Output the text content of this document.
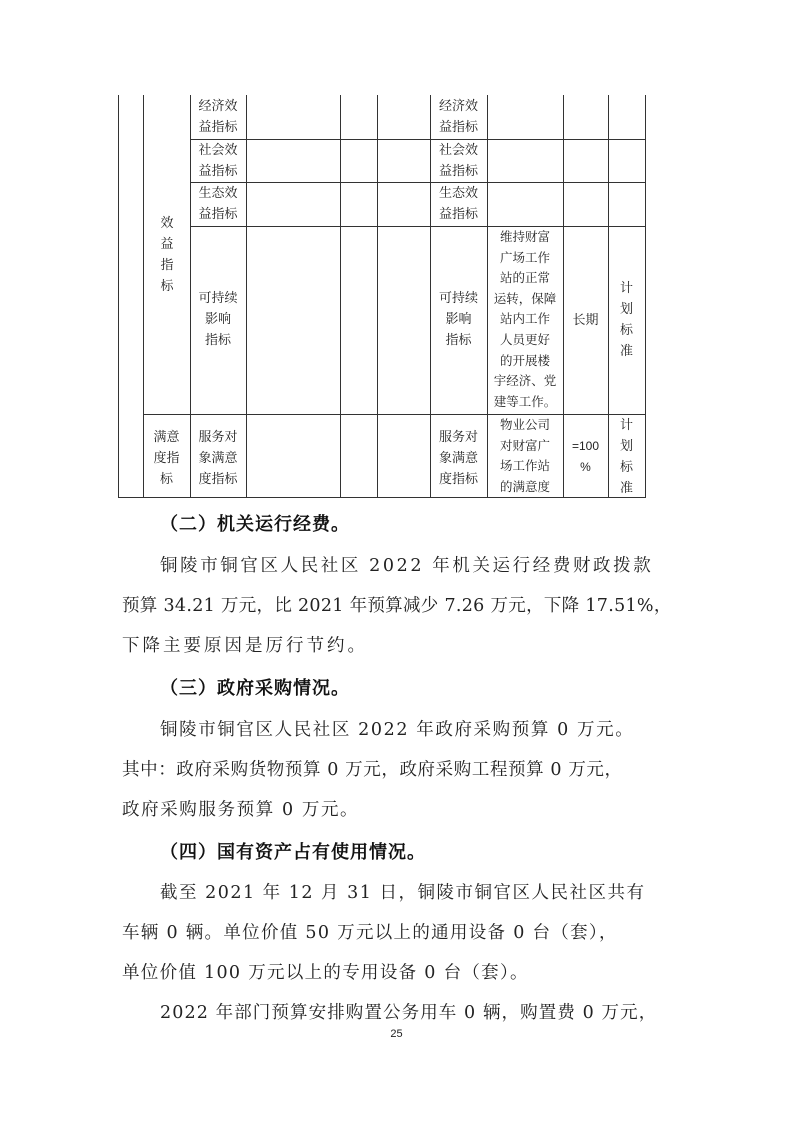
效
益
指
标
经济效
益指标
经济效
益指标
社会效
益指标
社会效
益指标
生态效
益指标
生态效
益指标
可持续
影响
指标
可持续
影响
指标
维持财富
广场工作
站的正常
运转，保障
站内工作
人员更好
的开展楼
宇经济、党
建等工作。
长期
计
划
标
准
满意
度指
标
服务对
象满意
度指标
服务对
象满意
度指标
物业公司
对财富广
场工作站
的满意度
=100
%
计
划
标
准
（二）机关运行经费。
铜陵市铜官区人民社区 2022 年机关运行经费财政拨款
预算 34.21 万元，比 2021 年预算减少 7.26 万元，下降 17.51%，
下降主要原因是厉行节约。
（三）政府采购情况。
铜陵市铜官区人民社区 2022 年政府采购预算 0 万元。
其中：政府采购货物预算 0 万元，政府采购工程预算 0 万元，
政府采购服务预算 0 万元。
（四）国有资产占有使用情况。
截至 2021 年 12 月 31 日，铜陵市铜官区人民社区共有
车辆 0 辆。单位价值 50 万元以上的通用设备 0 台（套），
单位价值 100 万元以上的专用设备 0 台（套）。
2022 年部门预算安排购置公务用车 0 辆，购置费 0 万元，
25
